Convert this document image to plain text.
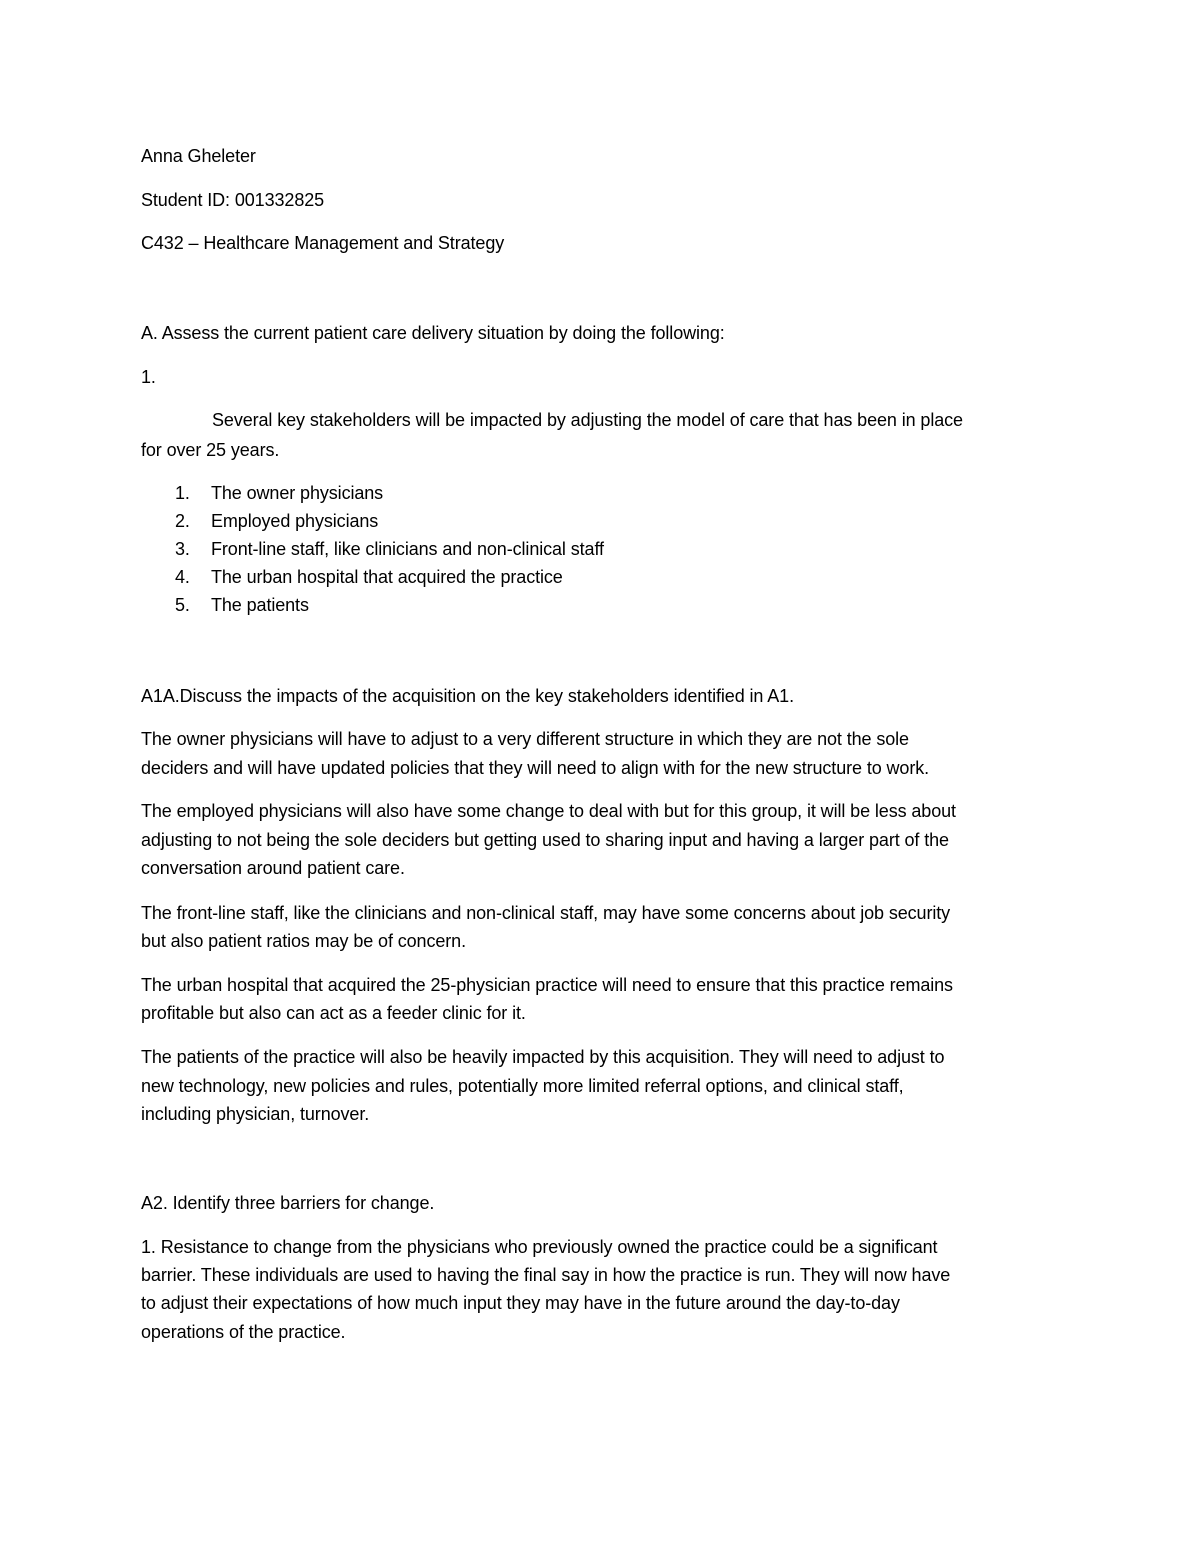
Anna Gheleter
Student ID: 001332825
C432 – Healthcare Management and Strategy
A. Assess the current patient care delivery situation by doing the following:
1.
Several key stakeholders will be impacted by adjusting the model of care that has been in place
for over 25 years.
1. The owner physicians
2. Employed physicians
3. Front-line staff, like clinicians and non-clinical staff
4. The urban hospital that acquired the practice
5. The patients
A1A.Discuss the impacts of the acquisition on the key stakeholders identified in A1.
The owner physicians will have to adjust to a very different structure in which they are not the sole
deciders and will have updated policies that they will need to align with for the new structure to work.
The employed physicians will also have some change to deal with but for this group, it will be less about
adjusting to not being the sole deciders but getting used to sharing input and having a larger part of the
conversation around patient care.
The front-line staff, like the clinicians and non-clinical staff, may have some concerns about job security
but also patient ratios may be of concern.
The urban hospital that acquired the 25-physician practice will need to ensure that this practice remains
profitable but also can act as a feeder clinic for it.
The patients of the practice will also be heavily impacted by this acquisition. They will need to adjust to
new technology, new policies and rules, potentially more limited referral options, and clinical staff,
including physician, turnover.
A2. Identify three barriers for change.
1. Resistance to change from the physicians who previously owned the practice could be a significant
barrier. These individuals are used to having the final say in how the practice is run. They will now have
to adjust their expectations of how much input they may have in the future around the day-to-day
operations of the practice.
